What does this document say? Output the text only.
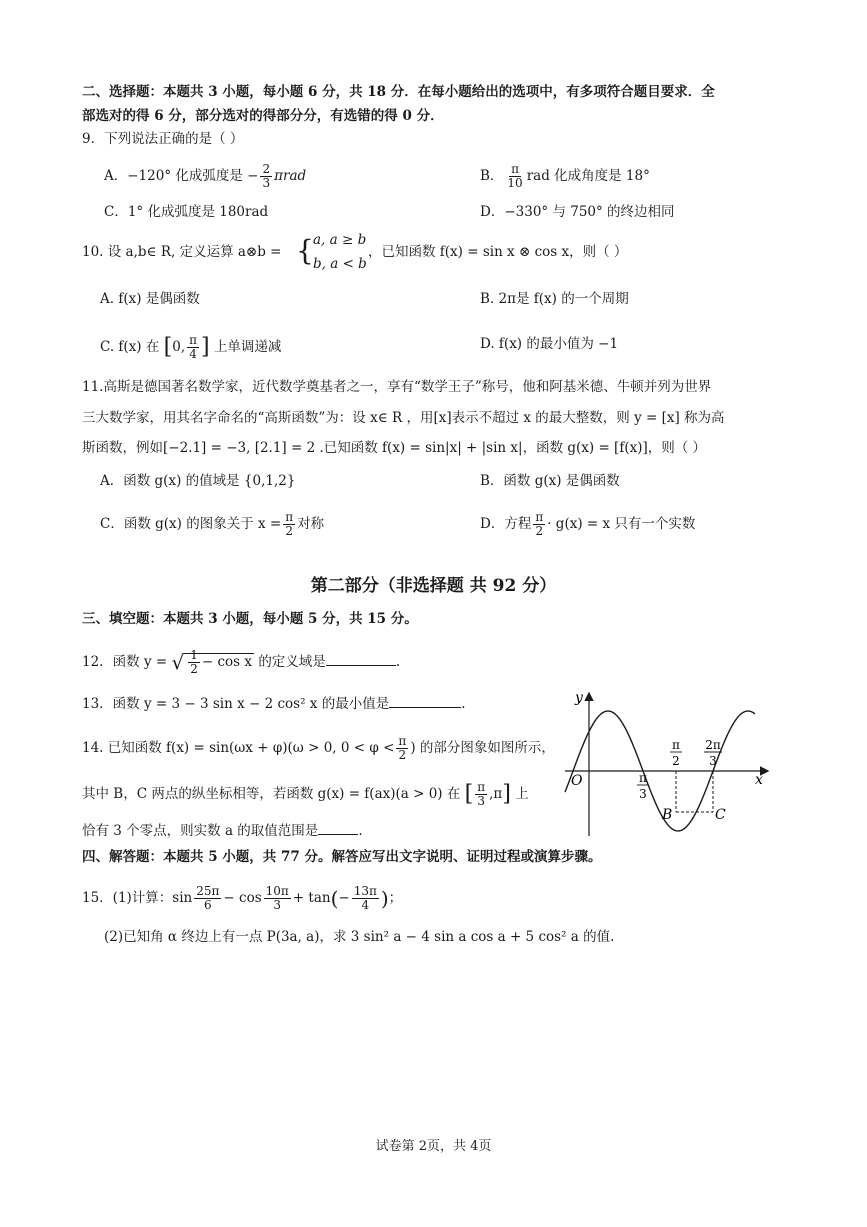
二、选择题：本题共 3 小题，每小题 6 分，共 18 分．在每小题给出的选项中，有多项符合题目要求．全
部选对的得 6 分，部分选对的得部分分，有选错的得 0 分．
9．下列说法正确的是（ ）
A．−120° 化成弧度是 − $\frac{2}{3}$ πrad	B． $\frac{\pi}{10}$ rad 化成角度是 18°
C．1° 化成弧度是 180rad	D．−330° 与 750° 的终边相同
10. 设 a,b∈ R, 定义运算 a⊗b = { a, a ≥ b
b, a < b
，已知函数 f(x) = sin x ⊗ cos x，则（ ）
A. f(x) 是偶函数	B. 2π是 f(x) 的一个周期
C. f(x) 在 [0, $\frac{\pi}{4}$ ] 上单调递减	D. f(x) 的最小值为 −1
11.高斯是德国著名数学家，近代数学奠基者之一，享有“数学王子”称号，他和阿基米德、牛顿并列为世界
三大数学家，用其名字命名的“高斯函数”为：设 x∈ R ，用[x]表示不超过 x 的最大整数，则 y = [x] 称为高
斯函数，例如[−2.1] = −3, [2.1] = 2 .已知函数 f(x) = sin|x| + |sin x|，函数 g(x) = [f(x)]，则（ ）
A．函数 g(x) 的值域是 {0,1,2}	B．函数 g(x) 是偶函数
C．函数 g(x) 的图象关于 $x = \frac{\pi}{2}$ 对称	D．方程 $\frac{\pi}{2} \cdot g(x) = x$ 只有一个实数
第二部分（非选择题 共 92 分）
三、填空题：本题共 3 小题，每小题 5 分，共 15 分。
12．函数 y = √ $\frac{1}{2} - \cos x$ 的定义域是	.
13．函数 y = 3 − 3 sin x − 2 cos² x 的最小值是	.
14. 已知函数 f(x) = sin(ωx + φ)(ω > 0, $0 < \varphi < \frac{\pi}{2}$ ) 的部分图象如图所示，
其中 B，C 两点的纵坐标相等，若函数 g(x) = f(ax)(a > 0) 在 [ $\frac{\pi}{3} ,\pi$] 上
恰有 3 个零点，则实数 a 的取值范围是	.
y
x
O	π
3
π
2
2π
3
B	C
四、解答题：本题共 5 小题，共 77 分。解答应写出文字说明、证明过程或演算步骤。
15．(1)计算：$\sin \frac{25\pi}{6} - \cos \frac{10\pi}{3} + \tan(- \frac{13\pi}{4}$ )；
(2)已知角 α 终边上有一点 P(3a, a)，求 3 sin² a − 4 sin a cos a + 5 cos² a 的值.
试卷第 2页，共 4页
